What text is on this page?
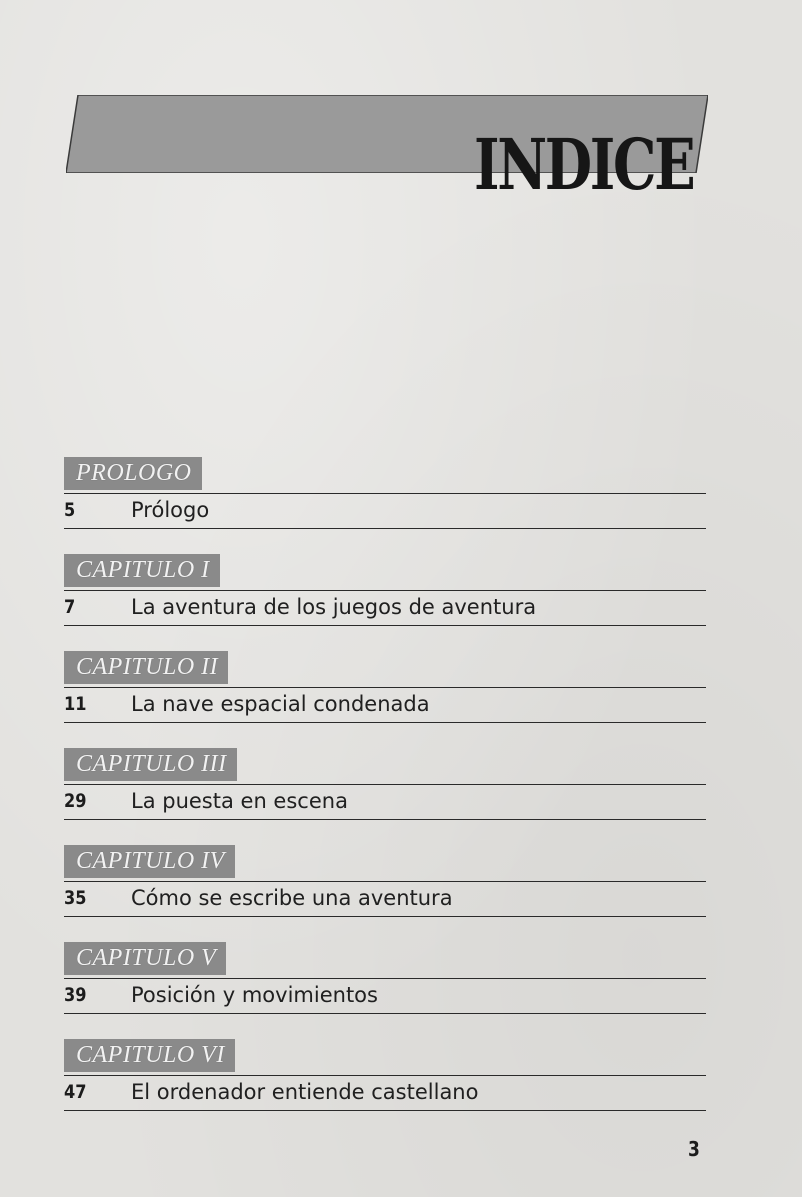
INDICE
PROLOGO
5	Prólogo
CAPITULO I
7	La aventura de los juegos de aventura
CAPITULO II
11	La nave espacial condenada
CAPITULO III
29	La puesta en escena
CAPITULO IV
35	Cómo se escribe una aventura
CAPITULO V
39	Posición y movimientos
CAPITULO VI
47	El ordenador entiende castellano
3
